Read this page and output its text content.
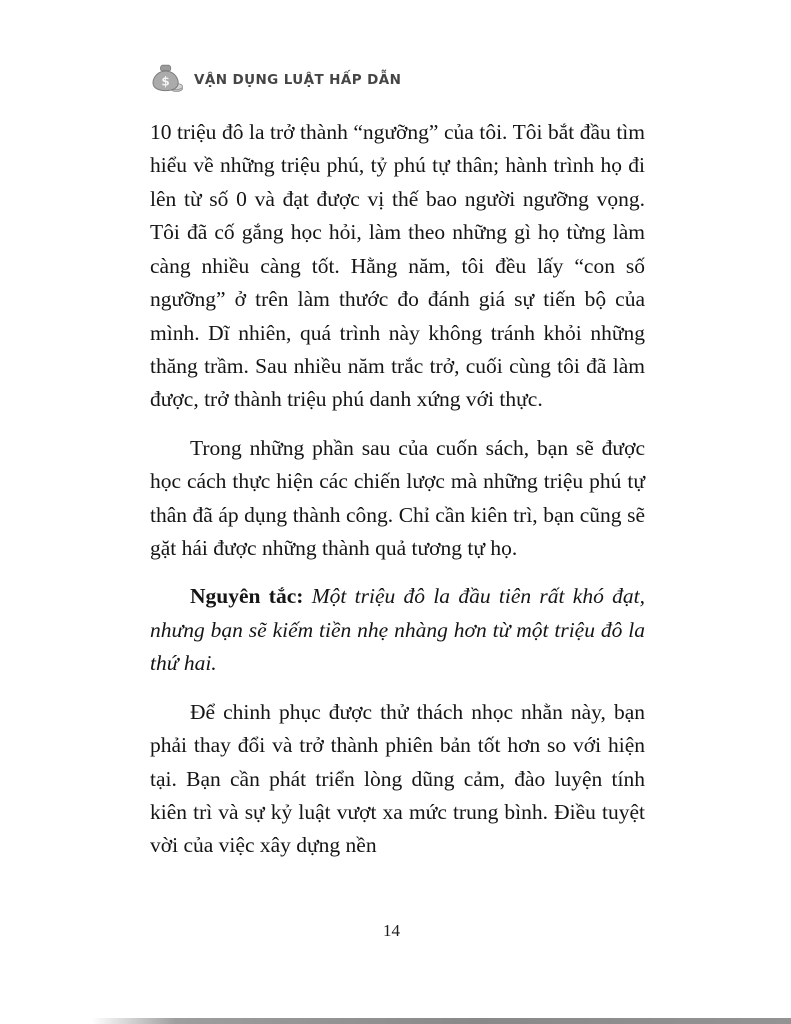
$ VẬN DỤNG LUẬT HẤP DẪN

10 triệu đô la trở thành “ngưỡng” của tôi. Tôi bắt đầu tìm hiểu về những triệu phú, tỷ phú tự thân; hành trình họ đi lên từ số 0 và đạt được vị thế bao người ngưỡng vọng. Tôi đã cố gắng học hỏi, làm theo những gì họ từng làm càng nhiều càng tốt. Hằng năm, tôi đều lấy “con số ngưỡng” ở trên làm thước đo đánh giá sự tiến bộ của mình. Dĩ nhiên, quá trình này không tránh khỏi những thăng trầm. Sau nhiều năm trắc trở, cuối cùng tôi đã làm được, trở thành triệu phú danh xứng với thực.

Trong những phần sau của cuốn sách, bạn sẽ được học cách thực hiện các chiến lược mà những triệu phú tự thân đã áp dụng thành công. Chỉ cần kiên trì, bạn cũng sẽ gặt hái được những thành quả tương tự họ.

Nguyên tắc: Một triệu đô la đầu tiên rất khó đạt, nhưng bạn sẽ kiếm tiền nhẹ nhàng hơn từ một triệu đô la thứ hai.

Để chinh phục được thử thách nhọc nhằn này, bạn phải thay đổi và trở thành phiên bản tốt hơn so với hiện tại. Bạn cần phát triển lòng dũng cảm, đào luyện tính kiên trì và sự kỷ luật vượt xa mức trung bình. Điều tuyệt vời của việc xây dựng nền

14
